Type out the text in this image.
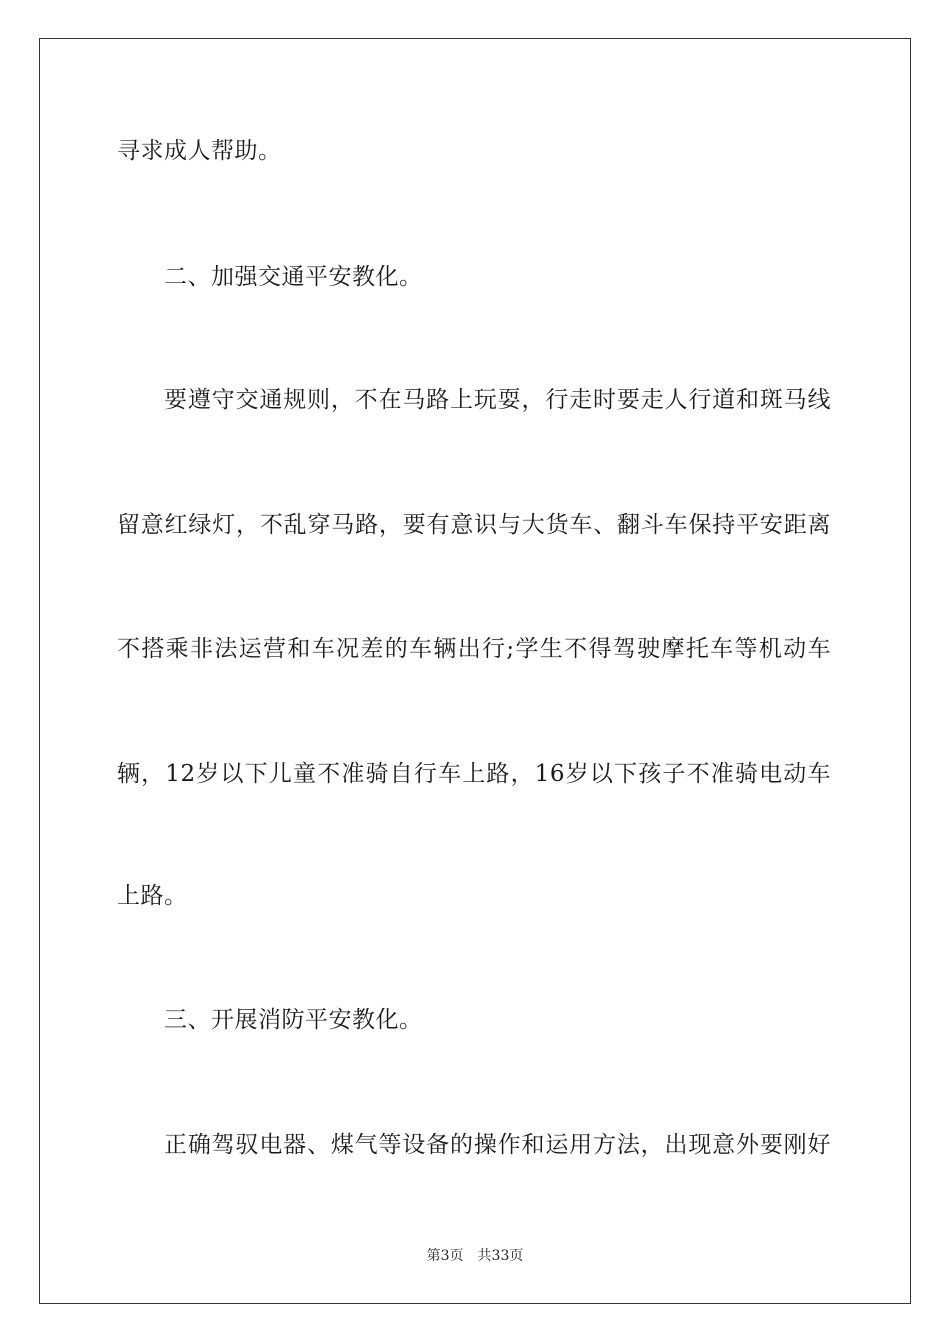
寻求成人帮助。
二、加强交通平安教化。
要遵守交通规则，不在马路上玩耍，行走时要走人行道和斑马线
留意红绿灯，不乱穿马路，要有意识与大货车、翻斗车保持平安距离
不搭乘非法运营和车况差的车辆出行;学生不得驾驶摩托车等机动车
辆，12岁以下儿童不准骑自行车上路，16岁以下孩子不准骑电动车
上路。
三、开展消防平安教化。
正确驾驭电器、煤气等设备的操作和运用方法，出现意外要刚好
第3页　共33页
